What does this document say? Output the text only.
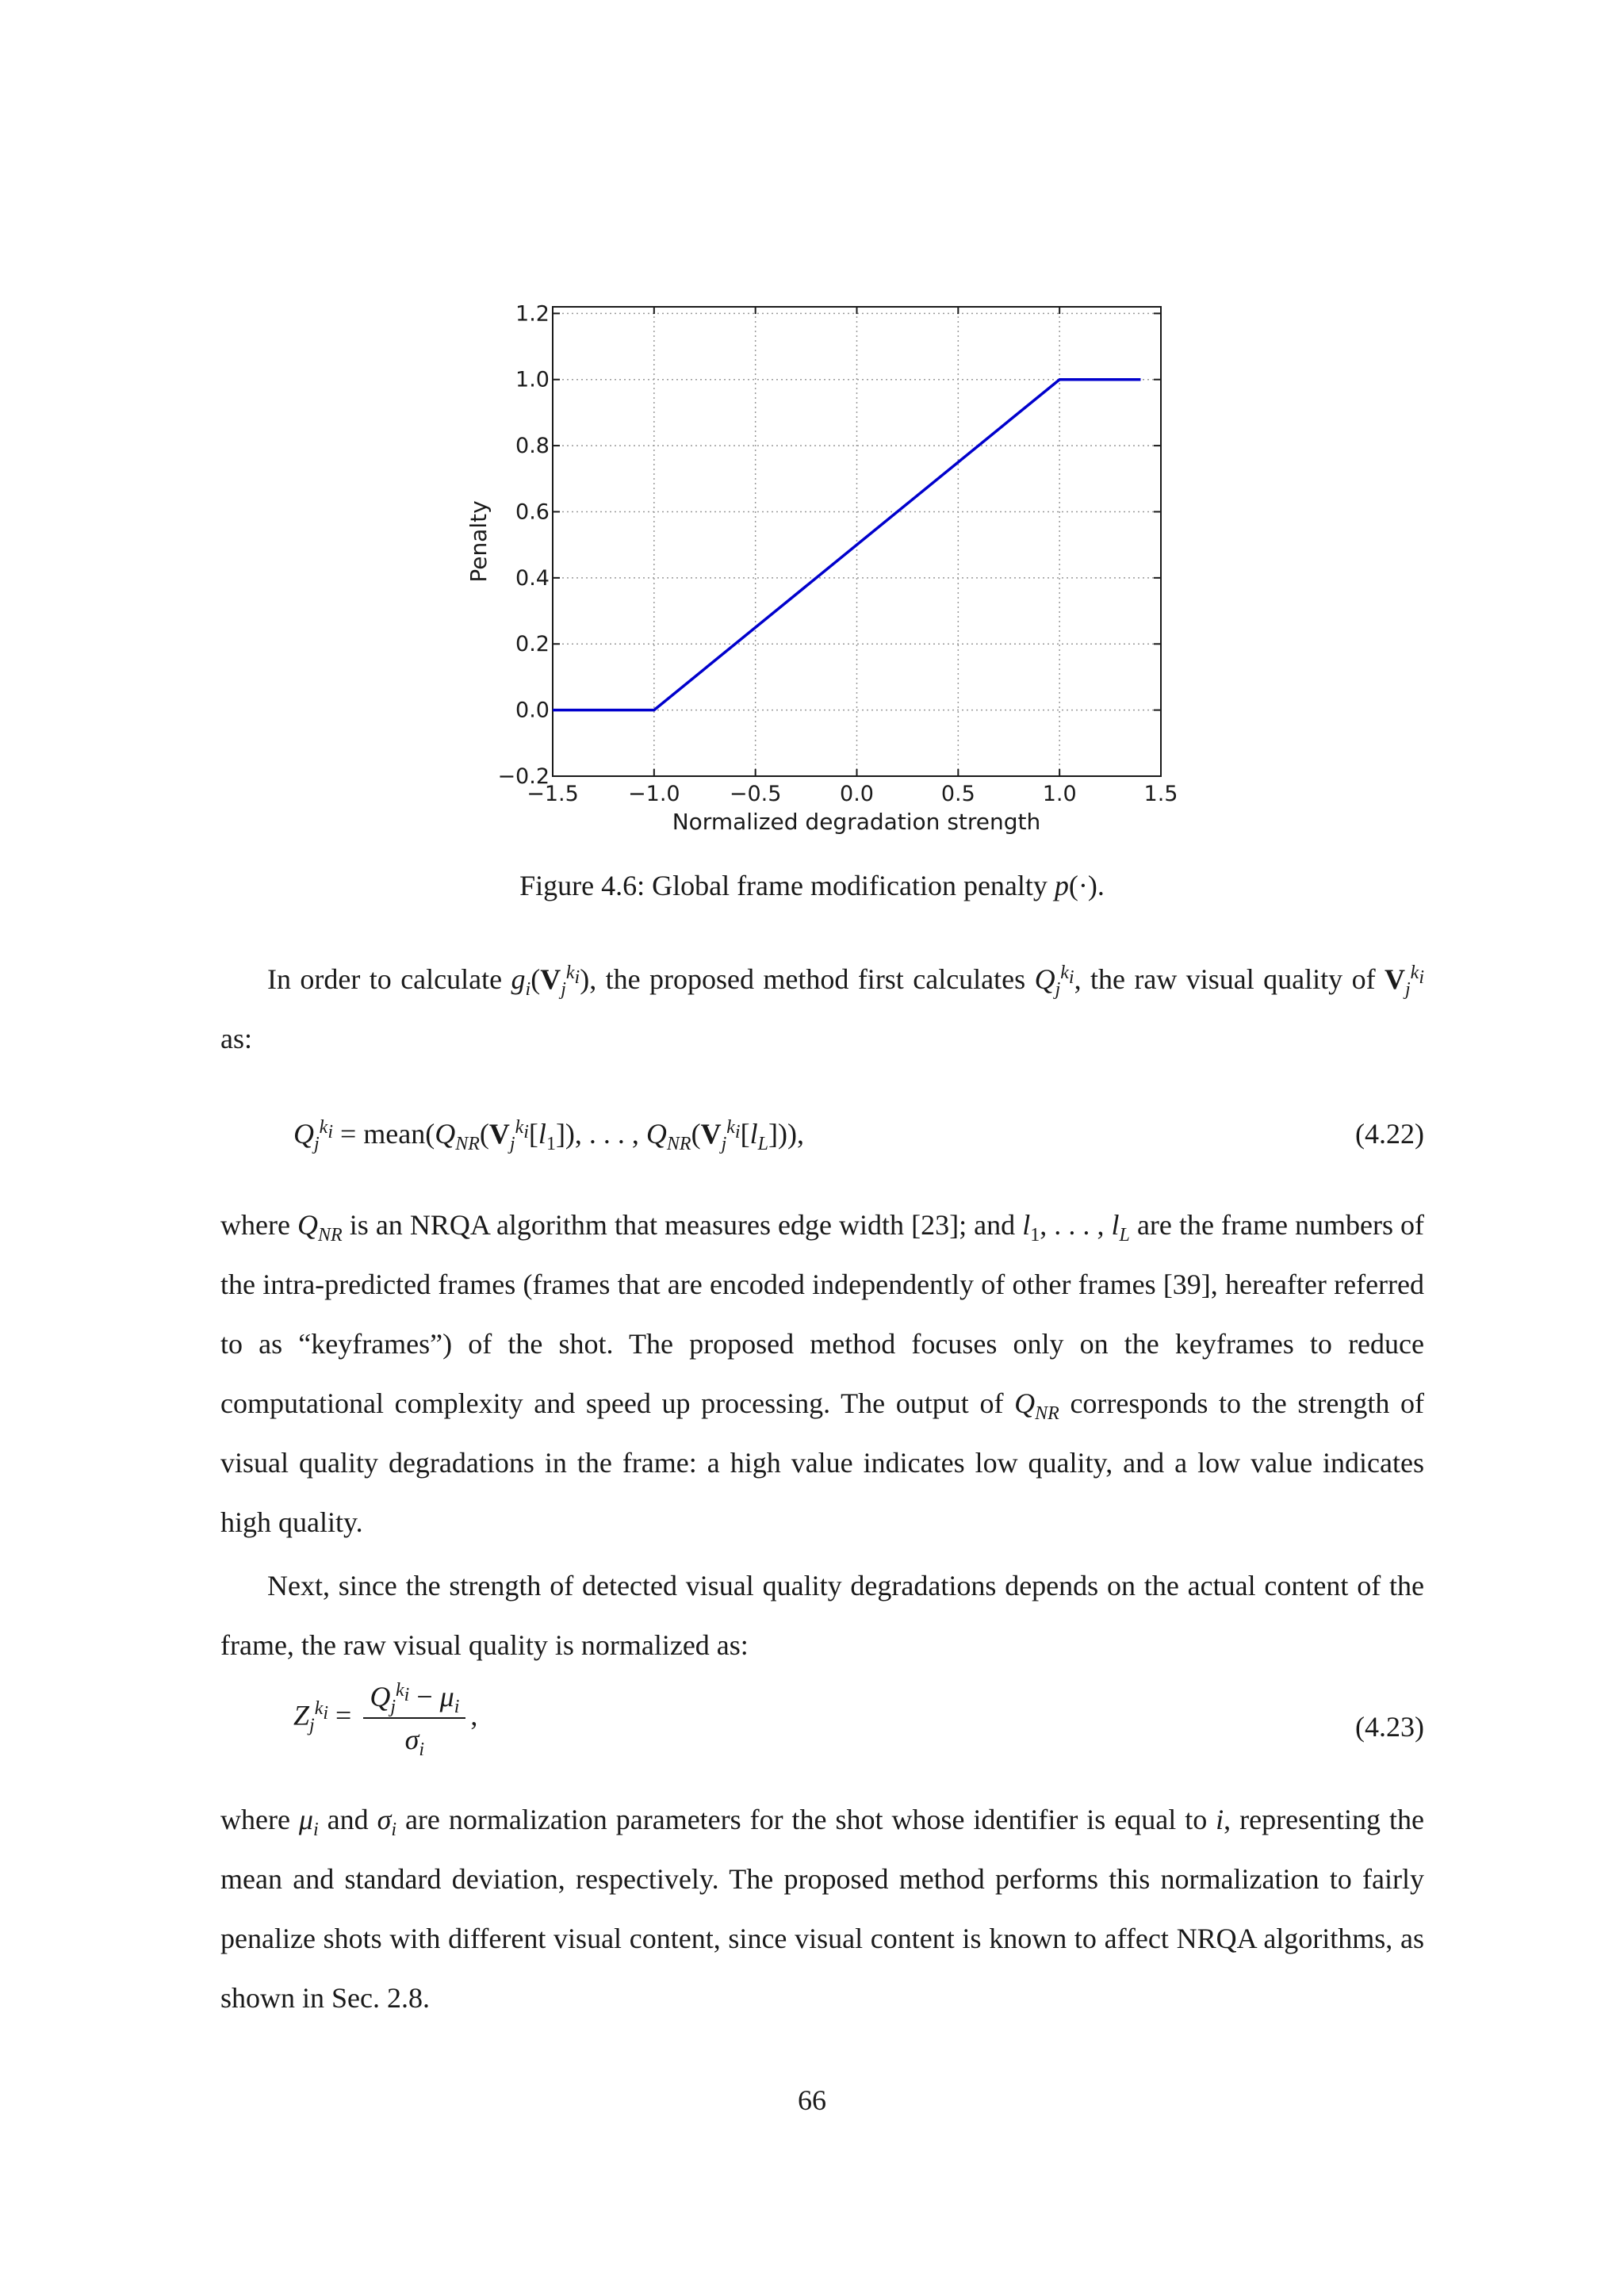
−1.5 −1.0 −0.5	0.0	0.5	1.0	1.5
−0.2
0.0
0.2
0.4
0.6
0.8
1.0
1.2
Normalized degradation strength
Penalty
Figure 4.6: Global frame modification penalty p(·).

In order to calculate $g_i(V_j^{k_i})$, the proposed method first calculates $Q_j^{k_i}$, the raw visual quality of $V_j^{k_i}$ as:

$Q_j^{k_i}$ = $mean(Q_{NR}(V_j^{k_i}[l_1])$, . . . , $Q_{NR}(V_j^{k_i}[l_L])$),	(4.22)

where $Q_{NR}$ is an NRQA algorithm that measures edge width [23]; and $l_1$, . . . , $l_L$ are the frame numbers of the intra-predicted frames (frames that are encoded independently of other frames [39], hereafter referred to as “keyframes”) of the shot. The proposed method focuses only on the keyframes to reduce computational complexity and speed up processing. The output of $Q_{NR}$ corresponds to the strength of visual quality degradations in the frame: a high value indicates low quality, and a low value indicates high quality.

Next, since the strength of detected visual quality degradations depends on the actual content of the frame, the raw visual quality is normalized as:

$Z_j^{k_i} = \frac{Q_j^{k_i} - \mu_i}{\sigma_i}$ ,	(4.23)

where $\mu_i$ and $\sigma_i$ are normalization parameters for the shot whose identifier is equal to i, representing the mean and standard deviation, respectively. The proposed method performs this normalization to fairly penalize shots with different visual content, since visual content is known to affect NRQA algorithms, as shown in Sec. 2.8.

66
